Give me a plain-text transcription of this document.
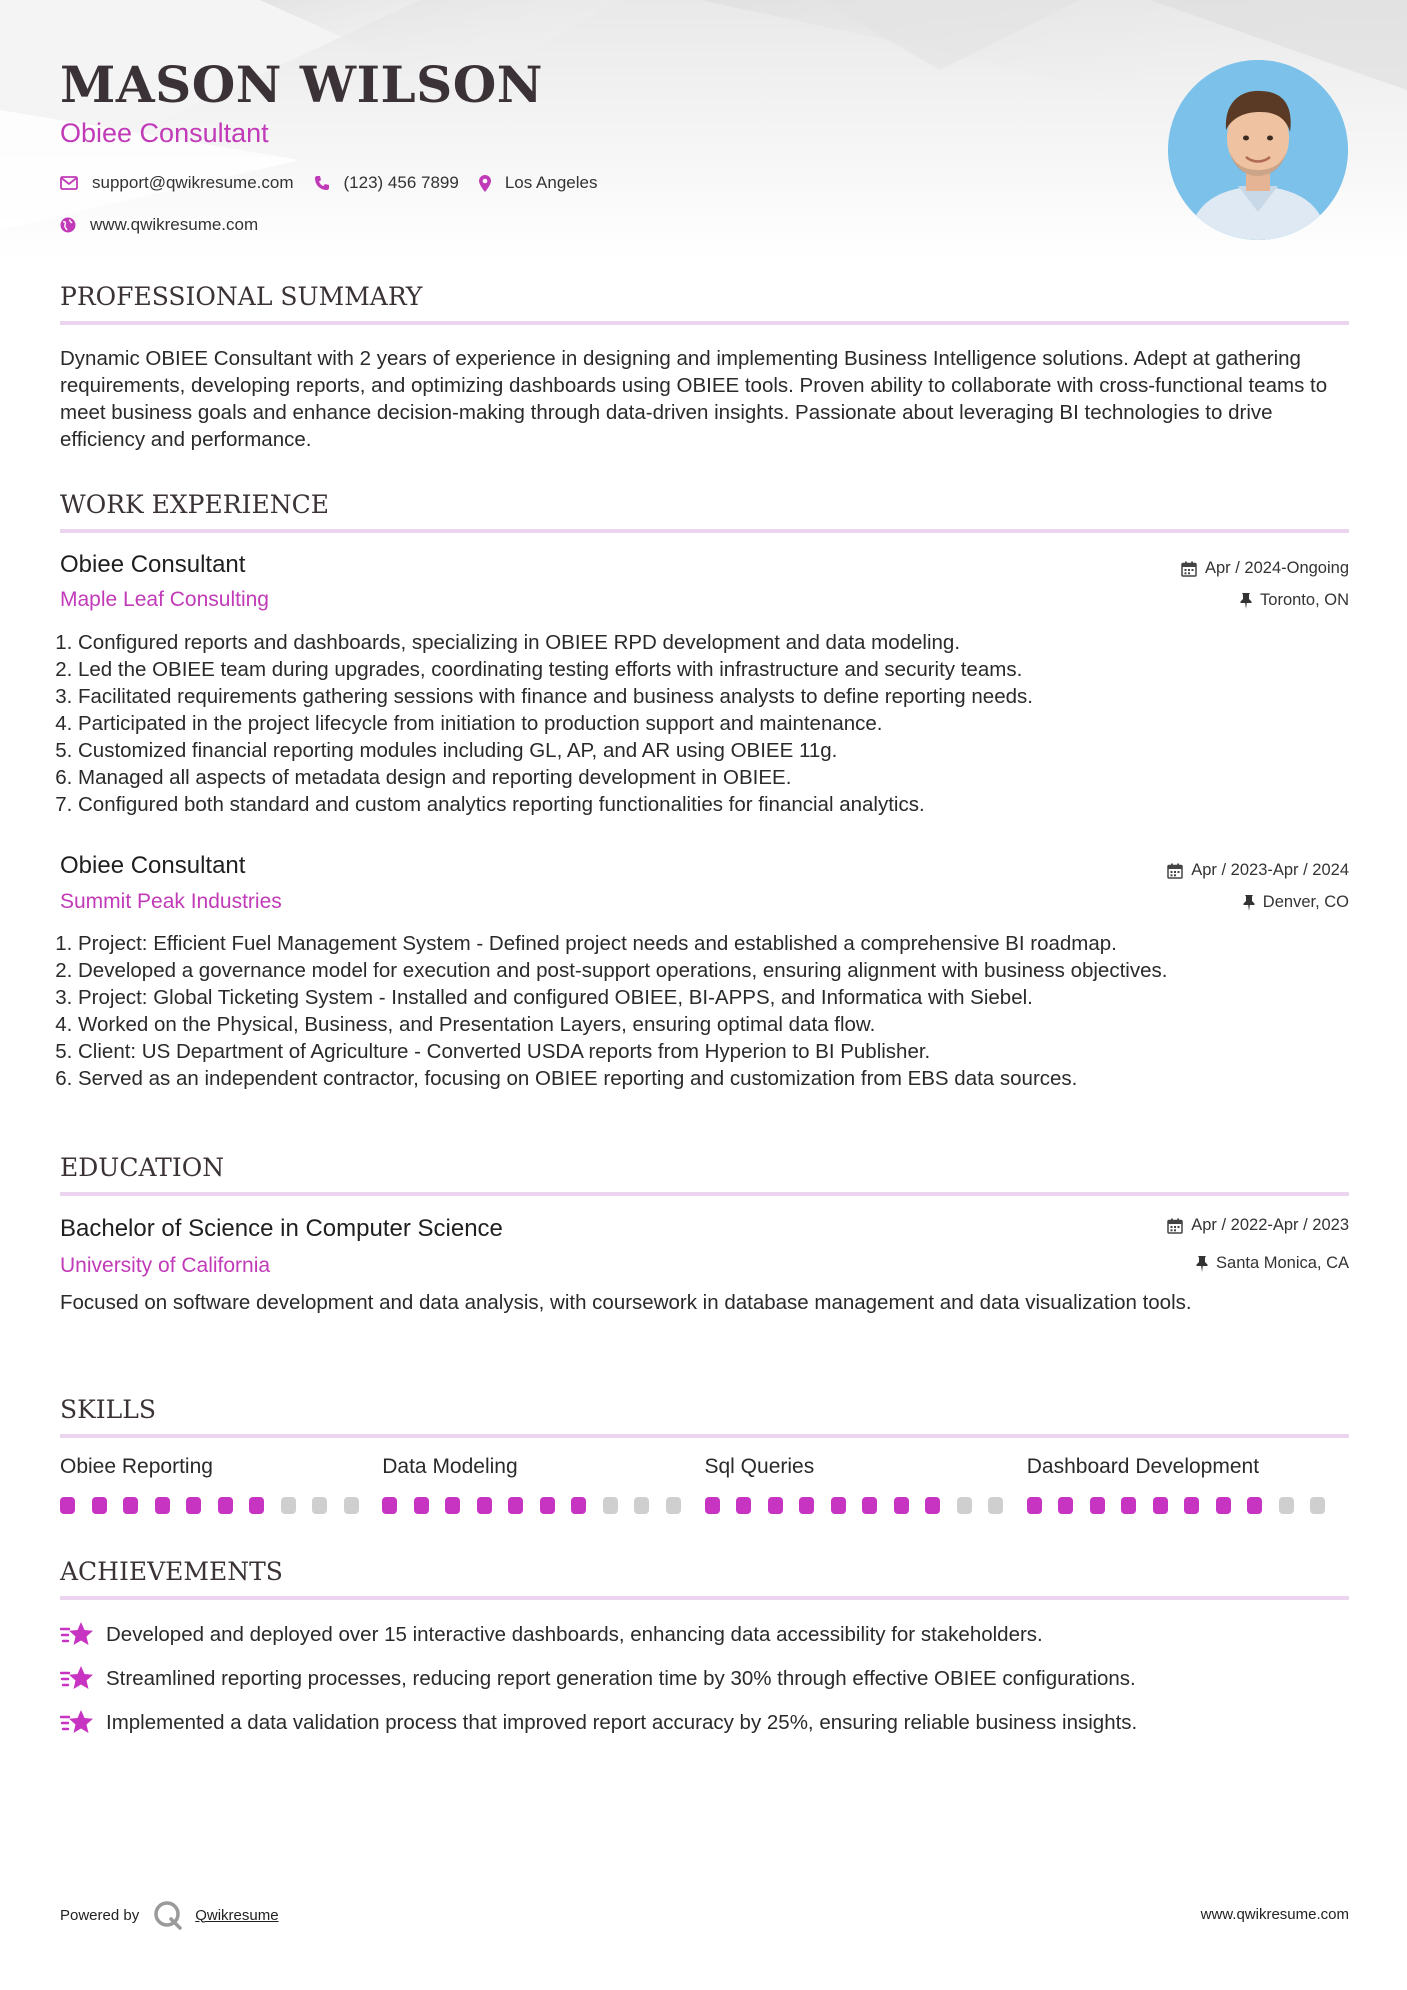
MASON WILSON
Obiee Consultant
support@qwikresume.com	(123) 456 7899	Los Angeles
www.qwikresume.com
PROFESSIONAL SUMMARY
Dynamic OBIEE Consultant with 2 years of experience in designing and implementing Business Intelligence solutions. Adept at gathering requirements, developing reports, and optimizing dashboards using OBIEE tools. Proven ability to collaborate with cross-functional teams to meet business goals and enhance decision-making through data-driven insights. Passionate about leveraging BI technologies to drive efficiency and performance.
WORK EXPERIENCE
Obiee Consultant	Apr / 2024-Ongoing
Maple Leaf Consulting	Toronto, ON
1. Configured reports and dashboards, specializing in OBIEE RPD development and data modeling.
2. Led the OBIEE team during upgrades, coordinating testing efforts with infrastructure and security teams.
3. Facilitated requirements gathering sessions with finance and business analysts to define reporting needs.
4. Participated in the project lifecycle from initiation to production support and maintenance.
5. Customized financial reporting modules including GL, AP, and AR using OBIEE 11g.
6. Managed all aspects of metadata design and reporting development in OBIEE.
7. Configured both standard and custom analytics reporting functionalities for financial analytics.
Obiee Consultant	Apr / 2023-Apr / 2024
Summit Peak Industries	Denver, CO
1. Project: Efficient Fuel Management System - Defined project needs and established a comprehensive BI roadmap.
2. Developed a governance model for execution and post-support operations, ensuring alignment with business objectives.
3. Project: Global Ticketing System - Installed and configured OBIEE, BI-APPS, and Informatica with Siebel.
4. Worked on the Physical, Business, and Presentation Layers, ensuring optimal data flow.
5. Client: US Department of Agriculture - Converted USDA reports from Hyperion to BI Publisher.
6. Served as an independent contractor, focusing on OBIEE reporting and customization from EBS data sources.
EDUCATION
Bachelor of Science in Computer Science	Apr / 2022-Apr / 2023
University of California	Santa Monica, CA
Focused on software development and data analysis, with coursework in database management and data visualization tools.
SKILLS
Obiee Reporting	Data Modeling	Sql Queries	Dashboard Development
ACHIEVEMENTS
Developed and deployed over 15 interactive dashboards, enhancing data accessibility for stakeholders.
Streamlined reporting processes, reducing report generation time by 30% through effective OBIEE configurations.
Implemented a data validation process that improved report accuracy by 25%, ensuring reliable business insights.
Powered by	Qwikresume	www.qwikresume.com
